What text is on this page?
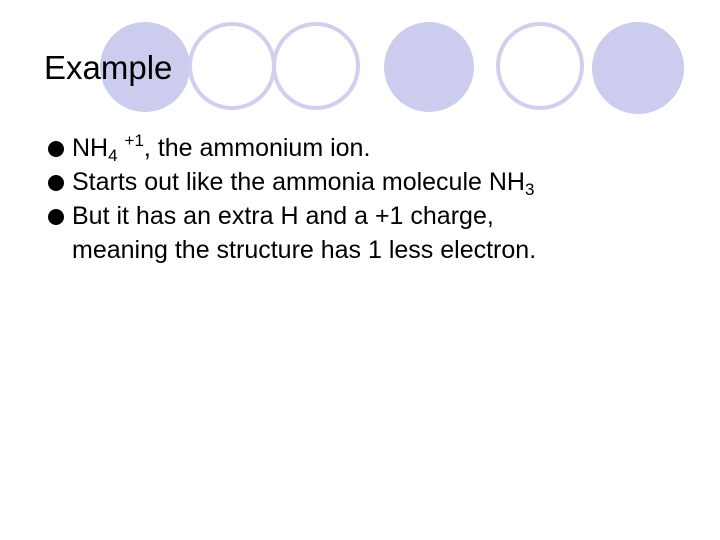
Example
$NH_4$ $^{+1}$, the ammonium ion.
Starts out like the ammonia molecule $NH_3$
But it has an extra H and a +1 charge,
meaning the structure has 1 less electron.
